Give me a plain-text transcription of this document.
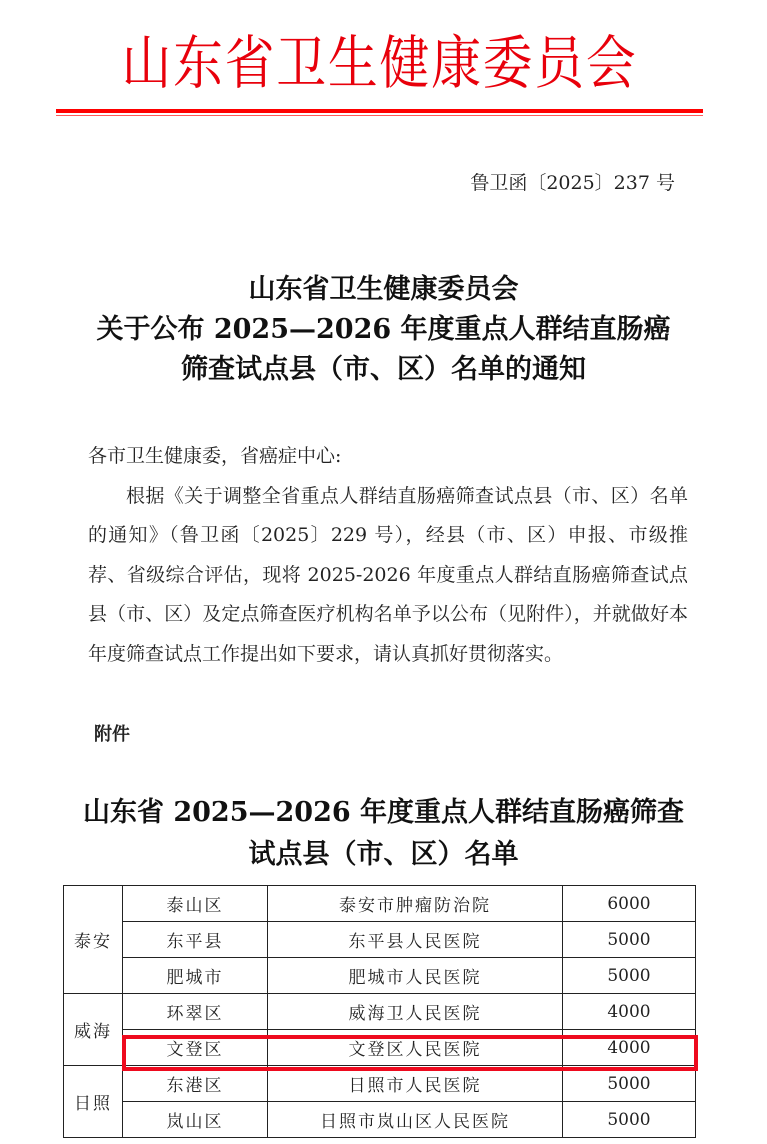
山东省卫生健康委员会
鲁卫函〔2025〕237 号
山东省卫生健康委员会
关于公布 2025—2026 年度重点人群结直肠癌
筛查试点县（市、区）名单的通知

各市卫生健康委，省癌症中心:

根据《关于调整全省重点人群结直肠癌筛查试点县（市、区）名单的通知》（鲁卫函〔2025〕229 号），经县（市、区）申报、市级推荐、省级综合评估，现将 2025-2026 年度重点人群结直肠癌筛查试点县（市、区）及定点筛查医疗机构名单予以公布（见附件），并就做好本年度筛查试点工作提出如下要求，请认真抓好贯彻落实。

附件
山东省 2025—2026 年度重点人群结直肠癌筛查
试点县（市、区）名单
泰安	泰山区	泰安市肿瘤防治院	6000
	东平县	东平县人民医院	5000
	肥城市	肥城市人民医院	5000
威海	环翠区	威海卫人民医院	4000
	文登区	文登区人民医院	4000
日照	东港区	日照市人民医院	5000
	岚山区	日照市岚山区人民医院	5000
